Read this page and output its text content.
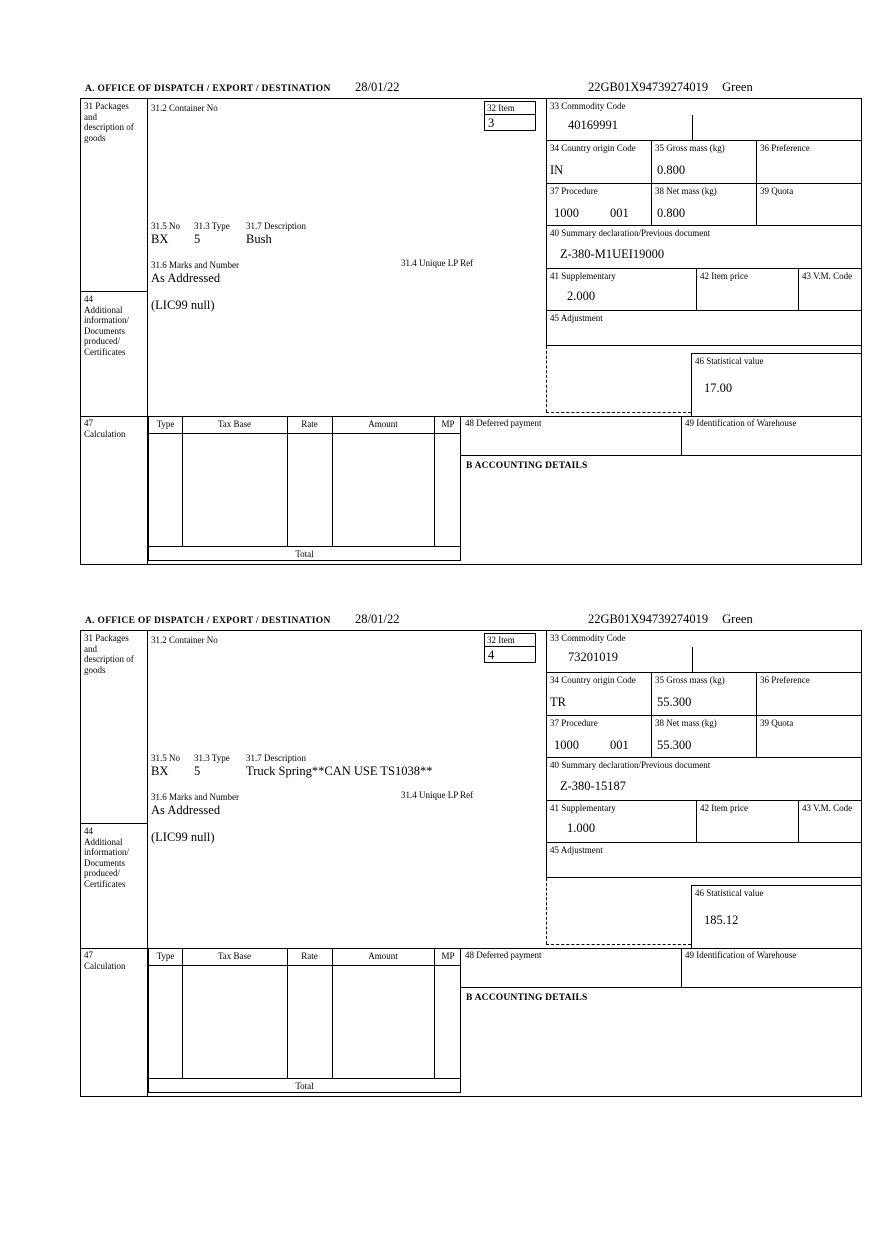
A. OFFICE OF DISPATCH / EXPORT / DESTINATION 28/01/22	22GB01X94739274019 Green
31 Packages and description of goods
44
Additional information/ Documents produced/ Certificates
47
Calculation
31.2 Container No	32 Item
3
31.5 No 31.3 Type 31.7 Description
BX 5	Bush
31.6 Marks and Number	31.4 Unique LP Ref
As Addressed
(LIC99 null)
33 Commodity Code
40169991
34 Country origin Code
IN
35 Gross mass (kg)
0.800
36 Preference
37 Procedure
1000 001
38 Net mass (kg)
0.800
39 Quota
40 Summary declaration/Previous document
Z-380-M1UEI19000
41 Supplementary
2.000
42 Item price	43 V.M. Code
45 Adjustment
46 Statistical value
17.00
Type	Tax Base	Rate	Amount	MP
Total
48 Deferred payment	49 Identification of Warehouse
B ACCOUNTING DETAILS
A. OFFICE OF DISPATCH / EXPORT / DESTINATION 28/01/22	22GB01X94739274019 Green
31 Packages and description of goods
44
Additional information/ Documents produced/ Certificates
47
Calculation
31.2 Container No	32 Item
4
31.5 No 31.3 Type 31.7 Description
BX 5	Truck Spring**CAN USE TS1038**
31.6 Marks and Number	31.4 Unique LP Ref
As Addressed
(LIC99 null)
33 Commodity Code
73201019
34 Country origin Code
TR
35 Gross mass (kg)
55.300
36 Preference
37 Procedure
1000 001
38 Net mass (kg)
55.300
39 Quota
40 Summary declaration/Previous document
Z-380-15187
41 Supplementary
1.000
42 Item price	43 V.M. Code
45 Adjustment
46 Statistical value
185.12
Type	Tax Base	Rate	Amount	MP
Total
48 Deferred payment	49 Identification of Warehouse
B ACCOUNTING DETAILS
